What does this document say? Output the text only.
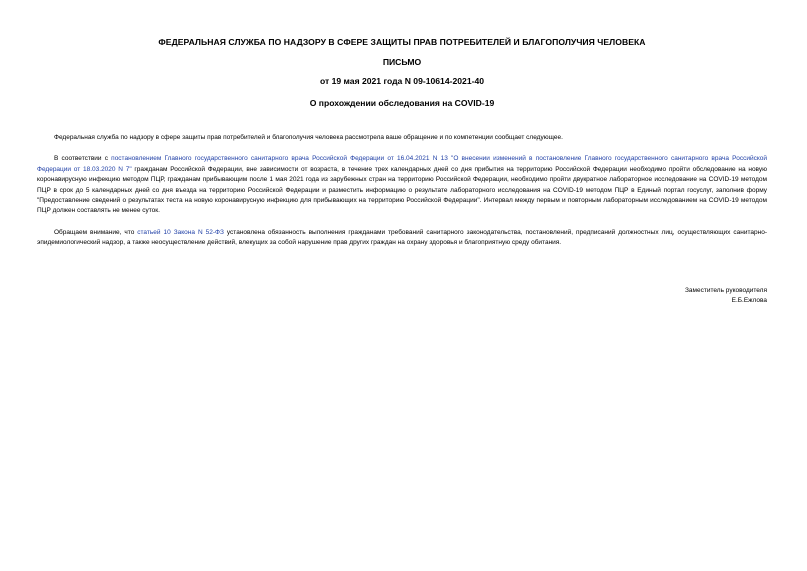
ФЕДЕРАЛЬНАЯ СЛУЖБА ПО НАДЗОРУ В СФЕРЕ ЗАЩИТЫ ПРАВ ПОТРЕБИТЕЛЕЙ И БЛАГОПОЛУЧИЯ ЧЕЛОВЕКА
ПИСЬМО
от 19 мая 2021 года N 09-10614-2021-40
О прохождении обследования на COVID-19

Федеральная служба по надзору в сфере защиты прав потребителей и благополучия человека рассмотрела ваше обращение и по компетенции сообщает следующее.

В соответствии с постановлением Главного государственного санитарного врача Российской Федерации от 16.04.2021 N 13 "О внесении изменений в постановление Главного государственного санитарного врача Российской Федерации от 18.03.2020 N 7" гражданам Российской Федерации, вне зависимости от возраста, в течение трех календарных дней со дня прибытия на территорию Российской Федерации необходимо пройти обследование на новую коронавирусную инфекцию методом ПЦР, гражданам прибывающим после 1 мая 2021 года из зарубежных стран на территорию Российской Федерации, необходимо пройти двукратное лабораторное исследование на COVID-19 методом ПЦР в срок до 5 календарных дней со дня въезда на территорию Российской Федерации и разместить информацию о результате лабораторного исследования на COVID-19 методом ПЦР в Единый портал госуслуг, заполнив форму "Предоставление сведений о результатах теста на новую коронавирусную инфекцию для прибывающих на территорию Российской Федерации". Интервал между первым и повторным лабораторным исследованием на COVID-19 методом ПЦР должен составлять не менее суток.

Обращаем внимание, что статьей 10 Закона N 52-ФЗ установлена обязанность выполнения гражданами требований санитарного законодательства, постановлений, предписаний должностных лиц, осуществляющих санитарно-эпидемиологический надзор, а также неосуществление действий, влекущих за собой нарушение прав других граждан на охрану здоровья и благоприятную среду обитания.

Заместитель руководителя
Е.Б.Ежлова
